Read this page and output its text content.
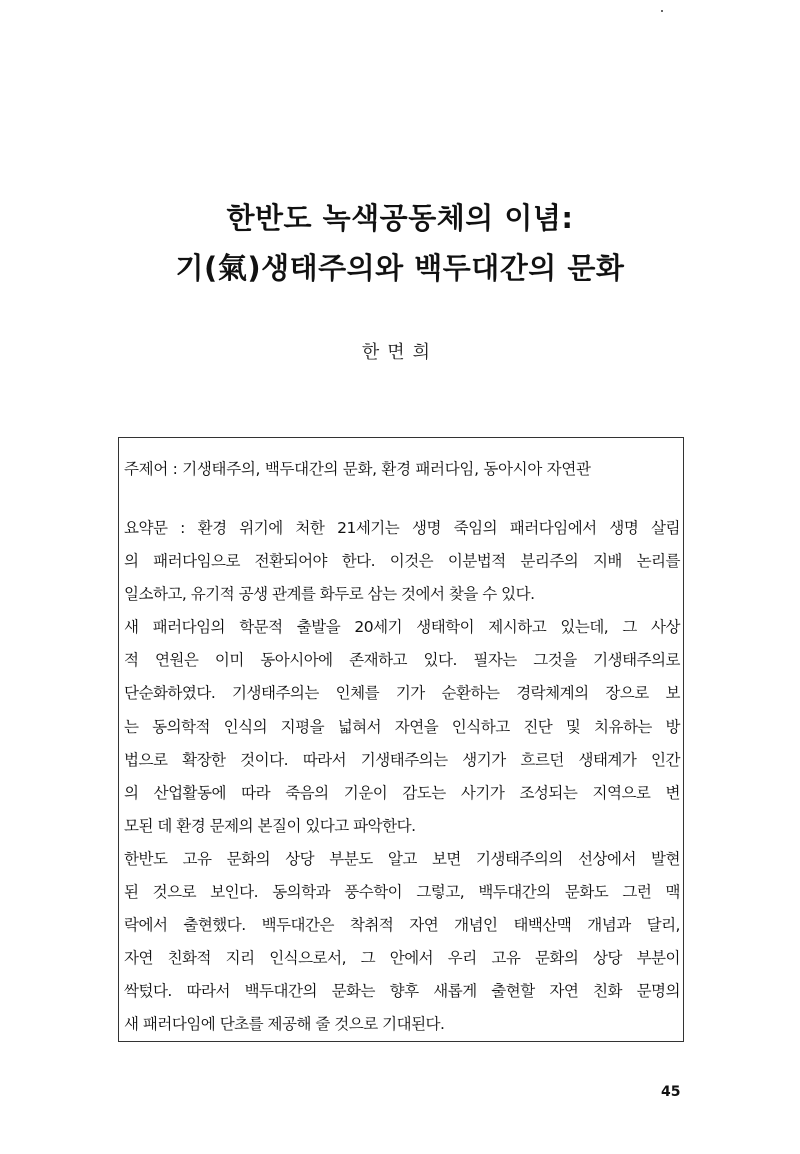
한반도 녹색공동체의 이념:
기(氣)생태주의와 백두대간의 문화
한면희
주제어 : 기생태주의, 백두대간의 문화, 환경 패러다임, 동아시아 자연관
요약문 : 환경 위기에 처한 21세기는 생명 죽임의 패러다임에서 생명 살림
의 패러다임으로 전환되어야 한다. 이것은 이분법적 분리주의 지배 논리를
일소하고, 유기적 공생 관계를 화두로 삼는 것에서 찾을 수 있다.
새 패러다임의 학문적 출발을 20세기 생태학이 제시하고 있는데, 그 사상
적 연원은 이미 동아시아에 존재하고 있다. 필자는 그것을 기생태주의로
단순화하였다. 기생태주의는 인체를 기가 순환하는 경락체계의 장으로 보
는 동의학적 인식의 지평을 넓혀서 자연을 인식하고 진단 및 치유하는 방
법으로 확장한 것이다. 따라서 기생태주의는 생기가 흐르던 생태계가 인간
의 산업활동에 따라 죽음의 기운이 감도는 사기가 조성되는 지역으로 변
모된 데 환경 문제의 본질이 있다고 파악한다.
한반도 고유 문화의 상당 부분도 알고 보면 기생태주의의 선상에서 발현
된 것으로 보인다. 동의학과 풍수학이 그렇고, 백두대간의 문화도 그런 맥
락에서 출현했다. 백두대간은 착취적 자연 개념인 태백산맥 개념과 달리,
자연 친화적 지리 인식으로서, 그 안에서 우리 고유 문화의 상당 부분이
싹텄다. 따라서 백두대간의 문화는 향후 새롭게 출현할 자연 친화 문명의
새 패러다임에 단초를 제공해 줄 것으로 기대된다.
45
